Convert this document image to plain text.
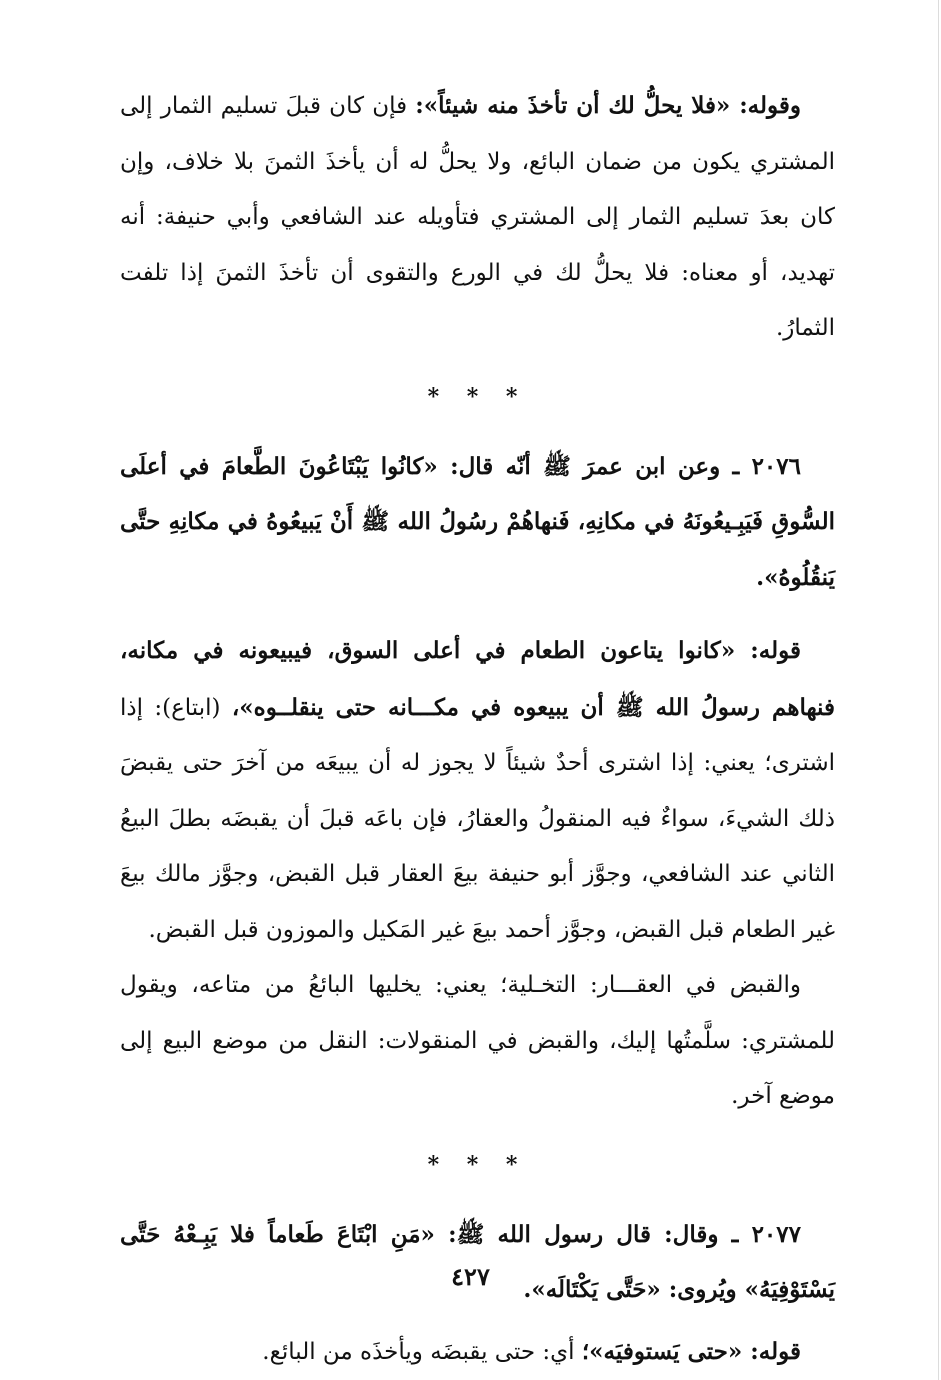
وقوله: «فلا يحلُّ لك أن تأخذَ منه شيئاً»: فإن كان قبلَ تسليم الثمار إلى المشتري يكون من ضمان البائع، ولا يحلُّ له أن يأخذَ الثمنَ بلا خلاف، وإن كان بعدَ تسليم الثمار إلى المشتري فتأويله عند الشافعي وأبي حنيفة: أنه تهديد، أو معناه: فلا يحلُّ لك في الورع والتقوى أن تأخذَ الثمنَ إذا تلفت الثمارُ.

* * *

٢٠٧٦ ـ وعن ابن عمرَ ﷺ أنّه قال: «كانُوا يَبْتَاعُونَ الطَّعامَ في أعلَى السُّوقِ فَيَبِـيعُونَهُ في مكانِهِ، فَنهاهُمْ رسُولُ الله ﷺ أَنْ يَبيعُوهُ في مكانِهِ حتَّى يَنقُلُوهُ».

قوله: «كانوا يتاعون الطعام في أعلى السوق، فيبيعونه في مكانه، فنهاهم رسولُ الله ﷺ أن يبيعوه في مكـــانه حتى ينقلــوه»، (ابتاع): إذا اشترى؛ يعني: إذا اشترى أحدٌ شيئاً لا يجوز له أن يبيعَه من آخرَ حتى يقبضَ ذلك الشيءَ، سواءٌ فيه المنقولُ والعقارُ، فإن باعَه قبلَ أن يقبضَه بطلَ البيعُ الثاني عند الشافعي، وجوَّز أبو حنيفة بيعَ العقار قبل القبض، وجوَّز مالك بيعَ غير الطعام قبل القبض، وجوَّز أحمد بيعَ غير المَكيل والموزون قبل القبض.

والقبض في العقـــار: التخـلية؛ يعني: يخليها البائعُ من متاعه، ويقول للمشتري: سلَّمتُها إليك، والقبض في المنقولات: النقل من موضع البيع إلى موضع آخر.

* * *

٢٠٧٧ ـ وقال: قال رسول الله ﷺ: «مَنِ ابْتَاعَ طَعاماً فلا يَبِـعْهُ حَتَّى يَسْتَوْفِيَهُ» ويُروى: «حَتَّى يَكْتَالَه».

قوله: «حتى يَستوفيَه»؛ أي: حتى يقبضَه ويأخذَه من البائع.

٤٢٧
